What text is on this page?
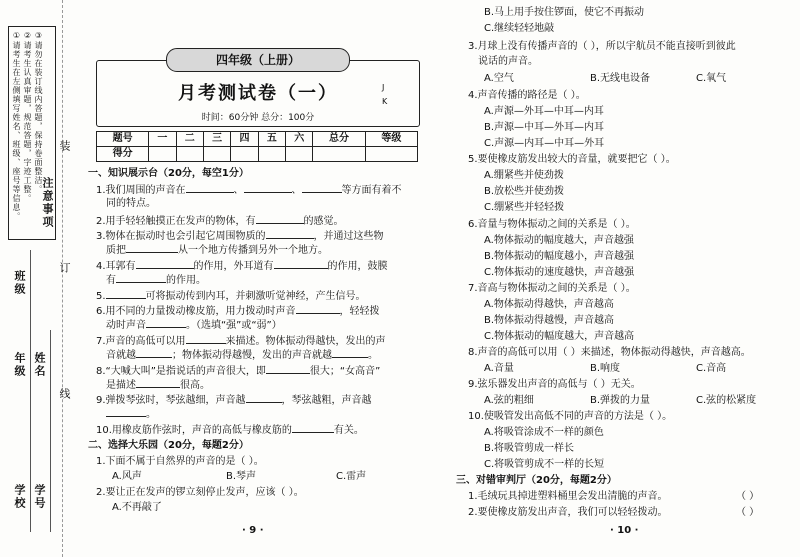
①请考生在左侧填写姓名、班级、座号等信息。 ②请考生认真审题，规范答题，字迹工整。 ③请勿在装订线内答题，保持卷面整洁。
注意事项
班级
年级 姓名
学校 学号
装
订
线
月考测试卷（一）
时间：60分钟 总分：100分
J K
四年级（上册）
题号	一	二	三	四	五	六	总分	等级
得分								
一、知识展示台（20分，每空1分）
1.我们周围的声音在	、	、	等方面有着不
同的特点。
2.用手轻轻触摸正在发声的物体，有	的感觉。
3.物体在振动时也会引起它周围物质的	，并通过这些物
质把	从一个地方传播到另外一个地方。
4.耳郭有	的作用，外耳道有	的作用，鼓膜
有	的作用。
5.	可将振动传到内耳，并刺激听觉神经，产生信号。
6.用不同的力量拨动橡皮筋，用力拨动时声音	，轻轻拨
动时声音	。（选填“强”或“弱”）
7.声音的高低可以用	来描述。物体振动得越快，发出的声
音就越	；物体振动得越慢，发出的声音就越	。
8.“大喊大叫”是指说话的声音很大，即	很大；“女高音”
是描述	很高。
9.弹拨琴弦时，琴弦越细，声音越	，琴弦越粗，声音越
。
10.用橡皮筋作弦时，声音的高低与橡皮筋的	有关。
二、选择大乐园（20分，每题2分）
1.下面不属于自然界的声音的是（ ）。
A.风声	B.琴声	C.雷声
2.要让正在发声的锣立刻停止发声，应该（ ）。
A.不再敲了
· 9 ·
B.马上用手按住锣面，使它不再振动
C.继续轻轻地敲
3.月球上没有传播声音的（ ），所以宇航员不能直接听到彼此
说话的声音。
A.空气	B.无线电设备	C.氧气
4.声音传播的路径是（ ）。
A.声源—外耳—中耳—内耳
B.声源—中耳—外耳—内耳
C.声源—内耳—中耳—外耳
5.要使橡皮筋发出较大的音量，就要把它（ ）。
A.绷紧些并使劲拨
B.放松些并使劲拨
C.绷紧些并轻轻拨
6.音量与物体振动之间的关系是（ ）。
A.物体振动的幅度越大，声音越强
B.物体振动的幅度越小，声音越强
C.物体振动的速度越快，声音越强
7.音高与物体振动之间的关系是（ ）。
A.物体振动得越快，声音越高
B.物体振动得越慢，声音越高
C.物体振动的幅度越大，声音越高
8.声音的高低可以用（ ）来描述，物体振动得越快，声音越高。
A.音量	B.响度	C.音高
9.弦乐器发出声音的高低与（ ）无关。
A.弦的粗细	B.弹拨的力量	C.弦的松紧度
10.使吸管发出高低不同的声音的方法是（ ）。
A.将吸管涂成不一样的颜色
B.将吸管剪成一样长
C.将吸管剪成不一样的长短
三、对错审判厅（20分，每题2分）
1.毛绒玩具掉进塑料桶里会发出清脆的声音。	（ ）
2.要使橡皮筋发出声音，我们可以轻轻拨动。	（ ）
· 10 ·
